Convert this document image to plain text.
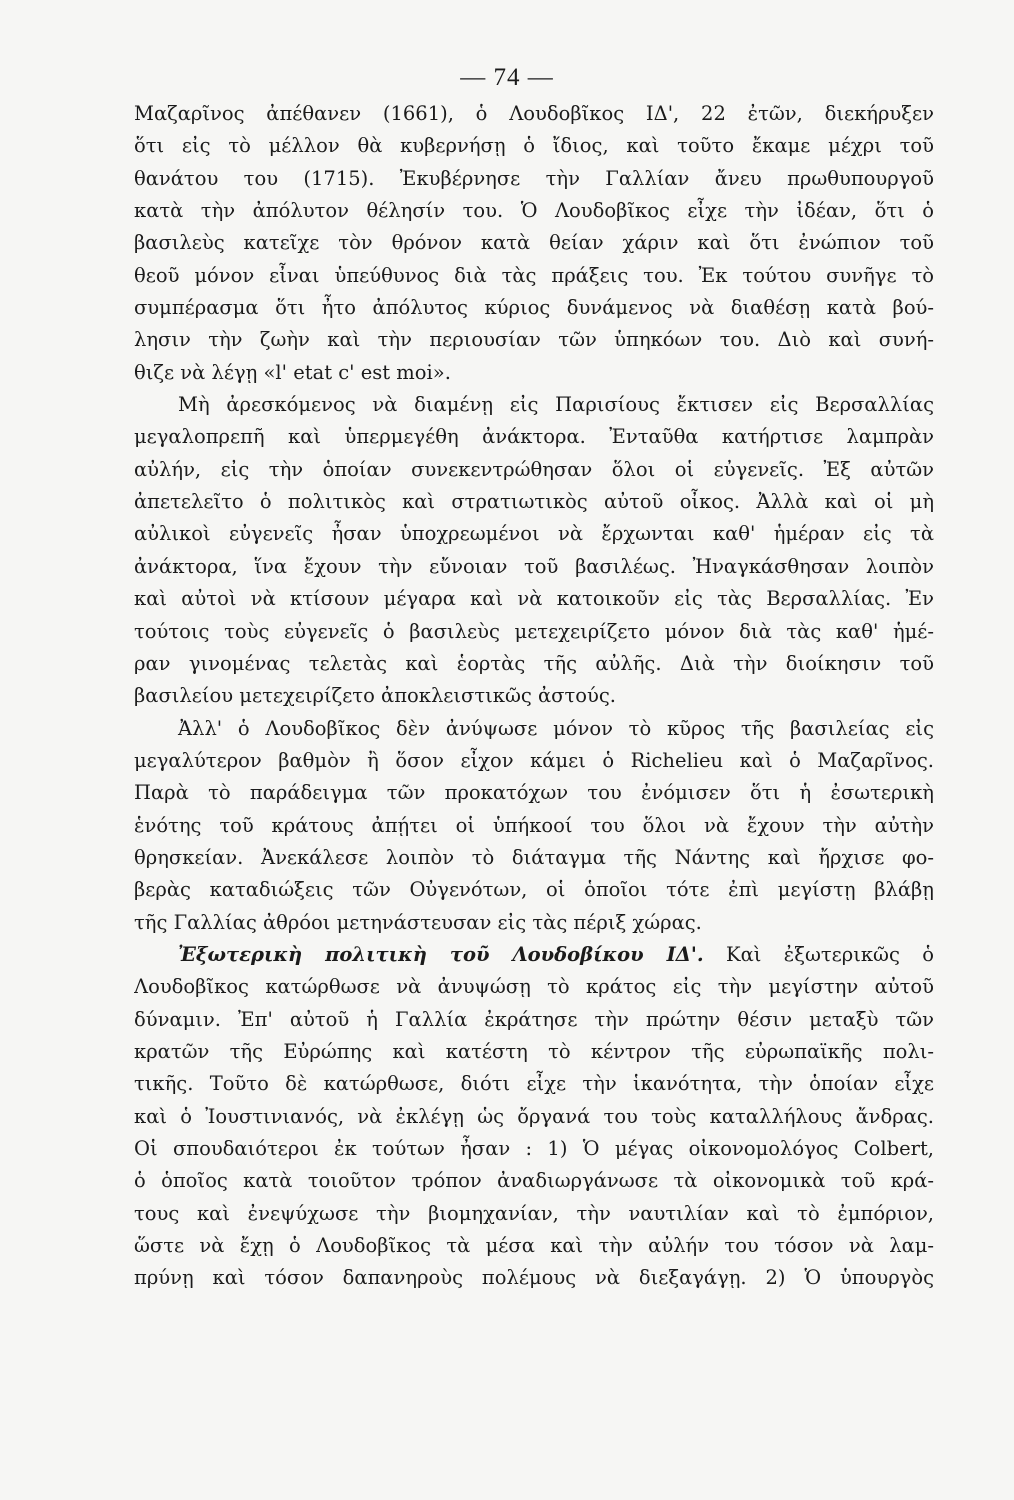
— 74 —
Μαζαρῖνος ἀπέθανεν (1661), ὁ Λουδοβῖκος ΙΔ', 22 ἐτῶν, διεκήρυξεν
ὅτι εἰς τὸ μέλλον θὰ κυβερνήσῃ ὁ ἴδιος, καὶ τοῦτο ἔκαμε μέχρι τοῦ
θανάτου του (1715). Ἐκυβέρνησε τὴν Γαλλίαν ἄνευ πρωθυπουργοῦ
κατὰ τὴν ἀπόλυτον θέλησίν του. Ὁ Λουδοβῖκος εἶχε τὴν ἰδέαν, ὅτι ὁ
βασιλεὺς κατεῖχε τὸν θρόνον κατὰ θείαν χάριν καὶ ὅτι ἐνώπιον τοῦ
θεοῦ μόνον εἶναι ὑπεύθυνος διὰ τὰς πράξεις του. Ἐκ τούτου συνῆγε τὸ
συμπέρασμα ὅτι ἦτο ἀπόλυτος κύριος δυνάμενος νὰ διαθέσῃ κατὰ βού-
λησιν τὴν ζωὴν καὶ τὴν περιουσίαν τῶν ὑπηκόων του. Διὸ καὶ συνή-
θιζε νὰ λέγῃ «l' etat c' est moi».
Μὴ ἀρεσκόμενος νὰ διαμένῃ εἰς Παρισίους ἔκτισεν εἰς Βερσαλλίας
μεγαλοπρεπῆ καὶ ὑπερμεγέθη ἀνάκτορα. Ἐνταῦθα κατήρτισε λαμπρὰν
αὐλήν, εἰς τὴν ὁποίαν συνεκεντρώθησαν ὅλοι οἱ εὐγενεῖς. Ἐξ αὐτῶν
ἀπετελεῖτο ὁ πολιτικὸς καὶ στρατιωτικὸς αὐτοῦ οἶκος. Ἀλλὰ καὶ οἱ μὴ
αὐλικοὶ εὐγενεῖς ἦσαν ὑποχρεωμένοι νὰ ἔρχωνται καθ' ἡμέραν εἰς τὰ
ἀνάκτορα, ἵνα ἔχουν τὴν εὔνοιαν τοῦ βασιλέως. Ἠναγκάσθησαν λοιπὸν
καὶ αὐτοὶ νὰ κτίσουν μέγαρα καὶ νὰ κατοικοῦν εἰς τὰς Βερσαλλίας. Ἐν
τούτοις τοὺς εὐγενεῖς ὁ βασιλεὺς μετεχειρίζετο μόνον διὰ τὰς καθ' ἡμέ-
ραν γινομένας τελετὰς καὶ ἑορτὰς τῆς αὐλῆς. Διὰ τὴν διοίκησιν τοῦ
βασιλείου μετεχειρίζετο ἀποκλειστικῶς ἀστούς.
Ἀλλ' ὁ Λουδοβῖκος δὲν ἀνύψωσε μόνον τὸ κῦρος τῆς βασιλείας εἰς
μεγαλύτερον βαθμὸν ἢ ὅσον εἶχον κάμει ὁ Richelieu καὶ ὁ Μαζαρῖνος.
Παρὰ τὸ παράδειγμα τῶν προκατόχων του ἐνόμισεν ὅτι ἡ ἐσωτερικὴ
ἑνότης τοῦ κράτους ἀπῄτει οἱ ὑπήκοοί του ὅλοι νὰ ἔχουν τὴν αὐτὴν
θρησκείαν. Ἀνεκάλεσε λοιπὸν τὸ διάταγμα τῆς Νάντης καὶ ἤρχισε φο-
βερὰς καταδιώξεις τῶν Οὐγενότων, οἱ ὁποῖοι τότε ἐπὶ μεγίστῃ βλάβῃ
τῆς Γαλλίας ἀθρόοι μετηνάστευσαν εἰς τὰς πέριξ χώρας.
Ἐξωτερικὴ πολιτικὴ τοῦ Λουδοβίκου ΙΔ'. Καὶ ἐξωτερικῶς ὁ
Λουδοβῖκος κατώρθωσε νὰ ἀνυψώσῃ τὸ κράτος εἰς τὴν μεγίστην αὐτοῦ
δύναμιν. Ἐπ' αὐτοῦ ἡ Γαλλία ἐκράτησε τὴν πρώτην θέσιν μεταξὺ τῶν
κρατῶν τῆς Εὐρώπης καὶ κατέστη τὸ κέντρον τῆς εὐρωπαϊκῆς πολι-
τικῆς. Τοῦτο δὲ κατώρθωσε, διότι εἶχε τὴν ἱκανότητα, τὴν ὁποίαν εἶχε
καὶ ὁ Ἰουστινιανός, νὰ ἐκλέγῃ ὡς ὄργανά του τοὺς καταλλήλους ἄνδρας.
Οἱ σπουδαιότεροι ἐκ τούτων ἦσαν : 1) Ὁ μέγας οἰκονομολόγος Colbert,
ὁ ὁποῖος κατὰ τοιοῦτον τρόπον ἀναδιωργάνωσε τὰ οἰκονομικὰ τοῦ κρά-
τους καὶ ἐνεψύχωσε τὴν βιομηχανίαν, τὴν ναυτιλίαν καὶ τὸ ἐμπόριον,
ὥστε νὰ ἔχῃ ὁ Λουδοβῖκος τὰ μέσα καὶ τὴν αὐλήν του τόσον νὰ λαμ-
πρύνῃ καὶ τόσον δαπανηροὺς πολέμους νὰ διεξαγάγῃ. 2) Ὁ ὑπουργὸς
